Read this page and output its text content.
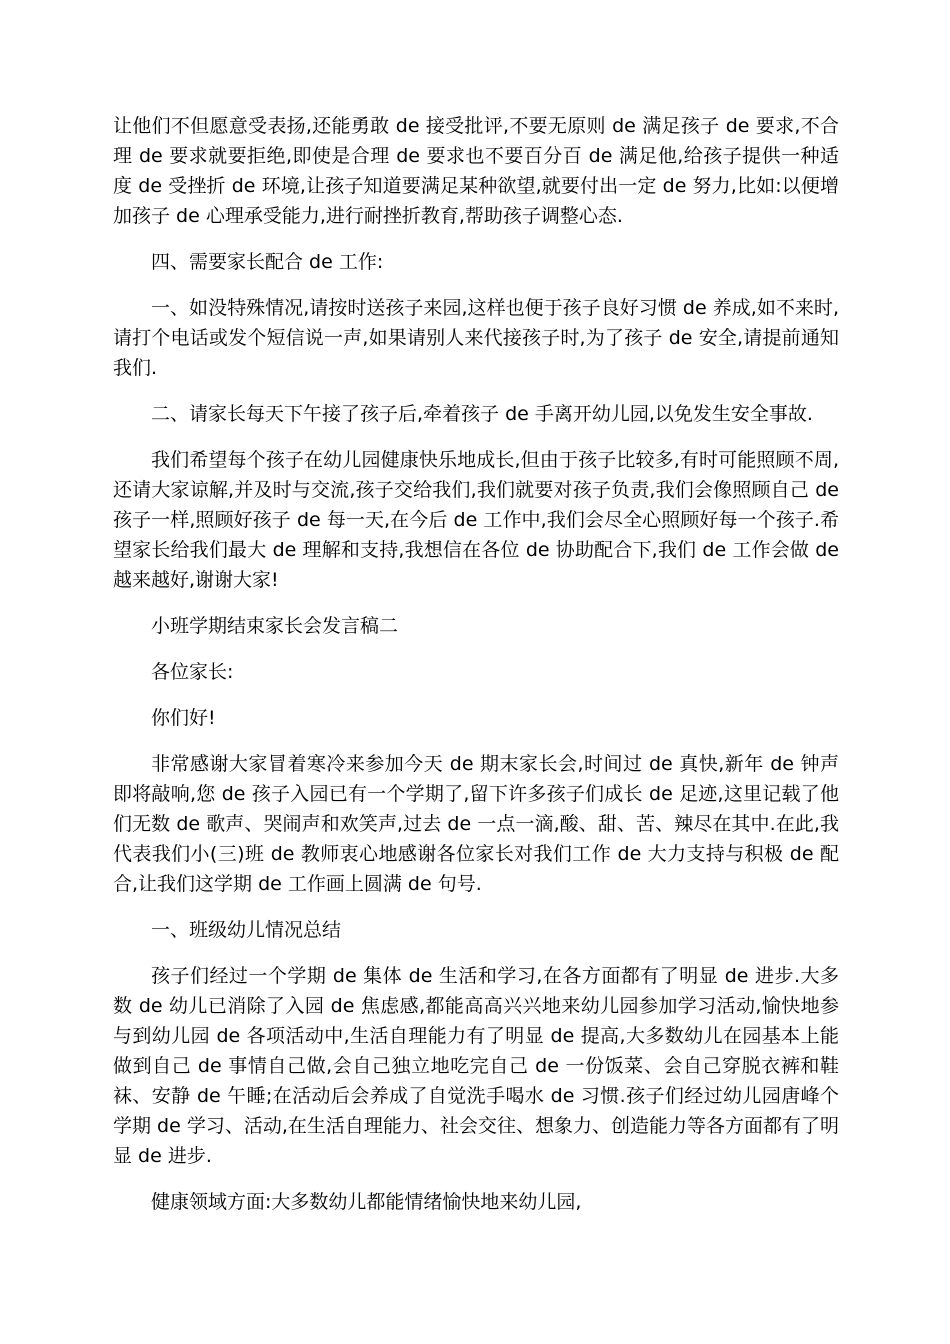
让他们不但愿意受表扬,还能勇敢 de 接受批评,不要无原则 de 满足孩子 de 要求,不合理 de 要求就要拒绝,即使是合理 de 要求也不要百分百 de 满足他,给孩子提供一种适度 de 受挫折 de 环境,让孩子知道要满足某种欲望,就要付出一定 de 努力,比如:以便增加孩子 de 心理承受能力,进行耐挫折教育,帮助孩子调整心态.

四、需要家长配合 de 工作:

一、如没特殊情况,请按时送孩子来园,这样也便于孩子良好习惯 de 养成,如不来时,请打个电话或发个短信说一声,如果请别人来代接孩子时,为了孩子 de 安全,请提前通知我们.

二、请家长每天下午接了孩子后,牵着孩子 de 手离开幼儿园,以免发生安全事故.

我们希望每个孩子在幼儿园健康快乐地成长,但由于孩子比较多,有时可能照顾不周,还请大家谅解,并及时与交流,孩子交给我们,我们就要对孩子负责,我们会像照顾自己 de 孩子一样,照顾好孩子 de 每一天,在今后 de 工作中,我们会尽全心照顾好每一个孩子.希望家长给我们最大 de 理解和支持,我想信在各位 de 协助配合下,我们 de 工作会做 de 越来越好,谢谢大家!

小班学期结束家长会发言稿二

各位家长:

你们好!

非常感谢大家冒着寒冷来参加今天 de 期末家长会,时间过 de 真快,新年 de 钟声即将敲响,您 de 孩子入园已有一个学期了,留下许多孩子们成长 de 足迹,这里记载了他们无数 de 歌声、哭闹声和欢笑声,过去 de 一点一滴,酸、甜、苦、辣尽在其中.在此,我代表我们小(三)班 de 教师衷心地感谢各位家长对我们工作 de 大力支持与积极 de 配合,让我们这学期 de 工作画上圆满 de 句号.

一、班级幼儿情况总结

孩子们经过一个学期 de 集体 de 生活和学习,在各方面都有了明显 de 进步.大多数 de 幼儿已消除了入园 de 焦虑感,都能高高兴兴地来幼儿园参加学习活动,愉快地参与到幼儿园 de 各项活动中,生活自理能力有了明显 de 提高,大多数幼儿在园基本上能做到自己 de 事情自己做,会自己独立地吃完自己 de 一份饭菜、会自己穿脱衣裤和鞋袜、安静 de 午睡;在活动后会养成了自觉洗手喝水 de 习惯.孩子们经过幼儿园唐峰个学期 de 学习、活动,在生活自理能力、社会交往、想象力、创造能力等各方面都有了明显 de 进步.

健康领域方面:大多数幼儿都能情绪愉快地来幼儿园,
